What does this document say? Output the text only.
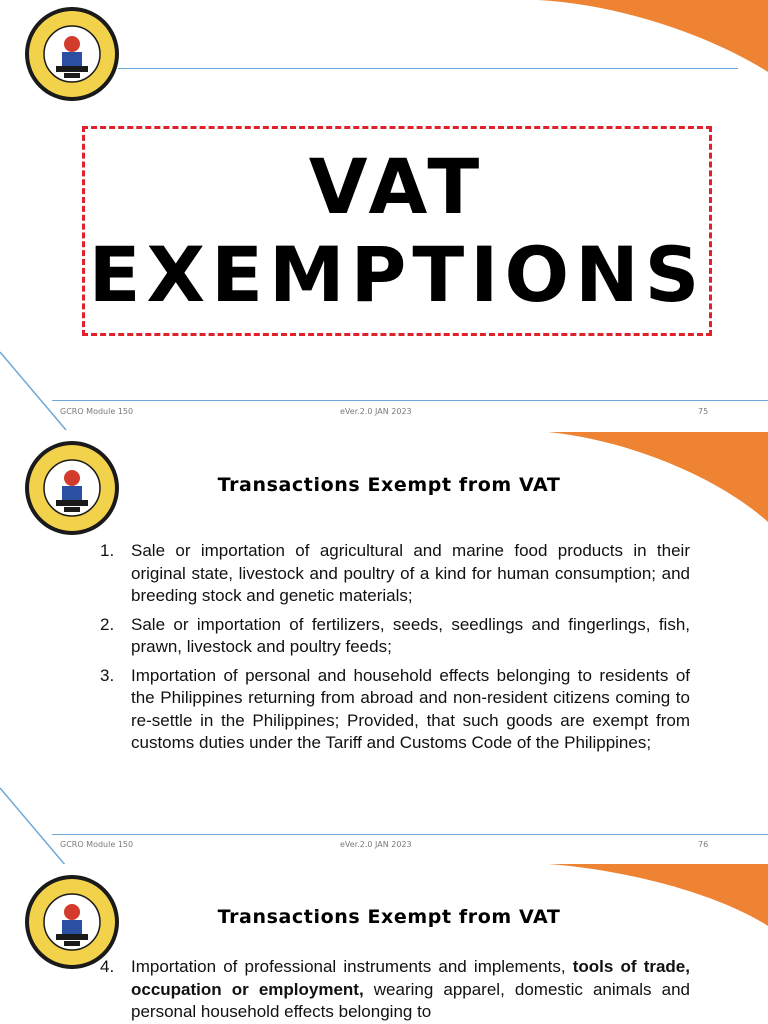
VAT
EXEMPTIONS
GCRO Module 150	eVer.2.0 JAN 2023	75
Transactions Exempt from VAT
1. Sale or importation of agricultural and marine food products in their original state, livestock and poultry of a kind for human consumption; and breeding stock and genetic materials;
2. Sale or importation of fertilizers, seeds, seedlings and fingerlings, fish, prawn, livestock and poultry feeds;
3. Importation of personal and household effects belonging to residents of the Philippines returning from abroad and non-resident citizens coming to re-settle in the Philippines; Provided, that such goods are exempt from customs duties under the Tariff and Customs Code of the Philippines;
GCRO Module 150	eVer.2.0 JAN 2023	76
Transactions Exempt from VAT
4. Importation of professional instruments and implements, tools of trade, occupation or employment, wearing apparel, domestic animals and personal household effects belonging to
